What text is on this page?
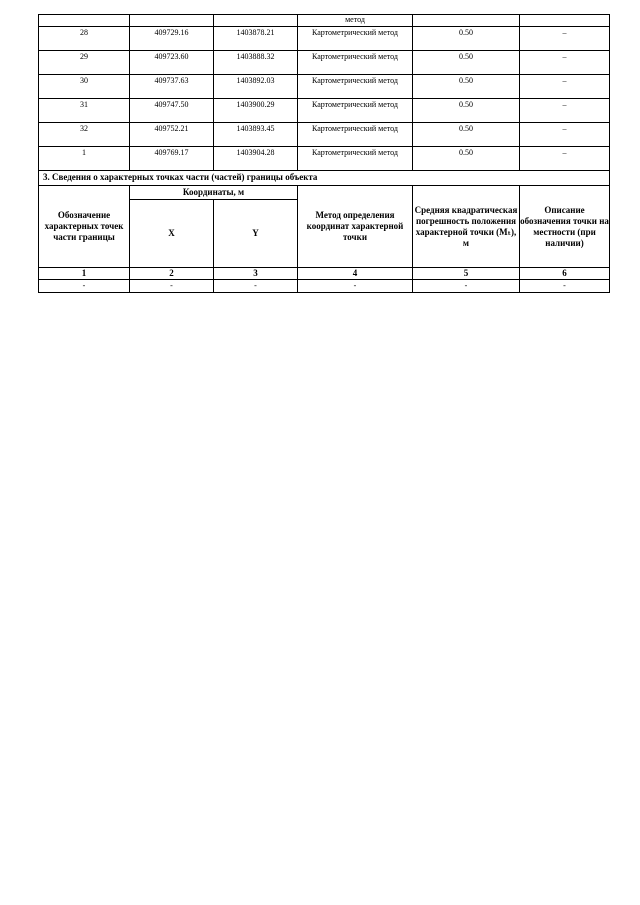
			метод		
28	409729.16	1403878.21	Картометрический метод	0.50	–
29	409723.60	1403888.32	Картометрический метод	0.50	–
30	409737.63	1403892.03	Картометрический метод	0.50	–
31	409747.50	1403900.29	Картометрический метод	0.50	–
32	409752.21	1403893.45	Картометрический метод	0.50	–
1	409769.17	1403904.28	Картометрический метод	0.50	–
3. Сведения о характерных точках части (частей) границы объекта					
Обозначение характерных точек части границы	Координаты, м		Метод определения координат характерной точки	Средняя квадратическая погрешность положения характерной точки (Mₜ), м	Описание обозначения точки на местности (при наличии)
	X	Y			
1	2	3	4	5	6
-	-	-	-	-	-
